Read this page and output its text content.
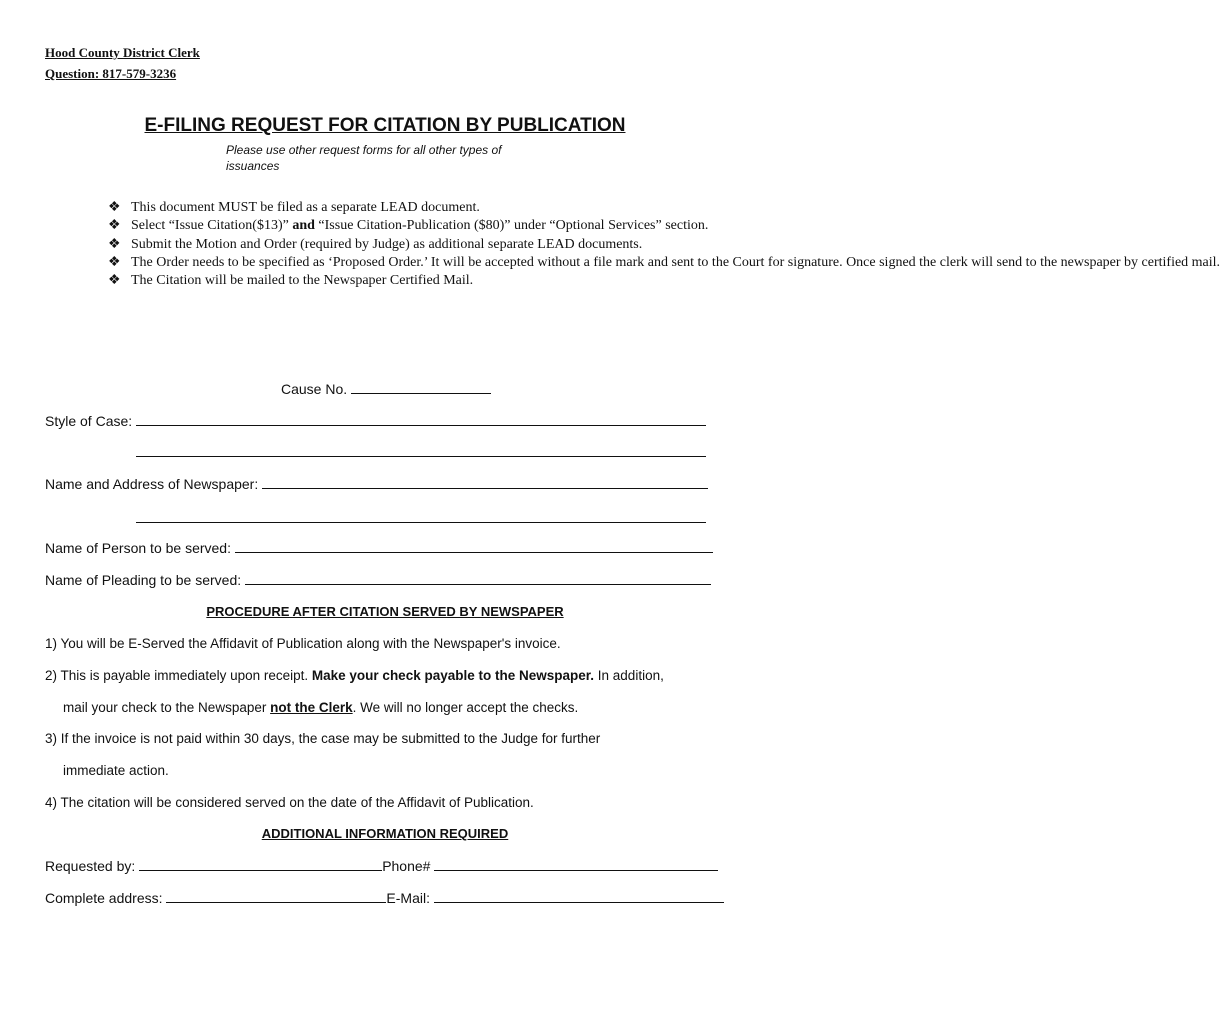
Hood County District Clerk
Question: 817-579-3236
E-FILING REQUEST FOR CITATION BY PUBLICATION
Please use other request forms for all other types of issuances
❖ This document MUST be filed as a separate LEAD document.
❖ Select “Issue Citation($13)” and “Issue Citation-Publication ($80)” under “Optional Services” section.
❖ Submit the Motion and Order (required by Judge) as additional separate LEAD documents.
❖ The Order needs to be specified as ‘Proposed Order.’ It will be accepted without a file mark and sent to the Court for signature. Once signed the clerk will send to the newspaper by certified mail.
❖ The Citation will be mailed to the Newspaper Certified Mail.
Cause No.
Style of Case:
Name and Address of Newspaper:
Name of Person to be served:
Name of Pleading to be served:
PROCEDURE AFTER CITATION SERVED BY NEWSPAPER
1) You will be E-Served the Affidavit of Publication along with the Newspaper's invoice.
2) This is payable immediately upon receipt. Make your check payable to the Newspaper. In addition,
mail your check to the Newspaper not the Clerk. We will no longer accept the checks.
3) If the invoice is not paid within 30 days, the case may be submitted to the Judge for further
immediate action.
4) The citation will be considered served on the date of the Affidavit of Publication.
ADDITIONAL INFORMATION REQUIRED
Requested by:	Phone#
Complete address:	E-Mail:
